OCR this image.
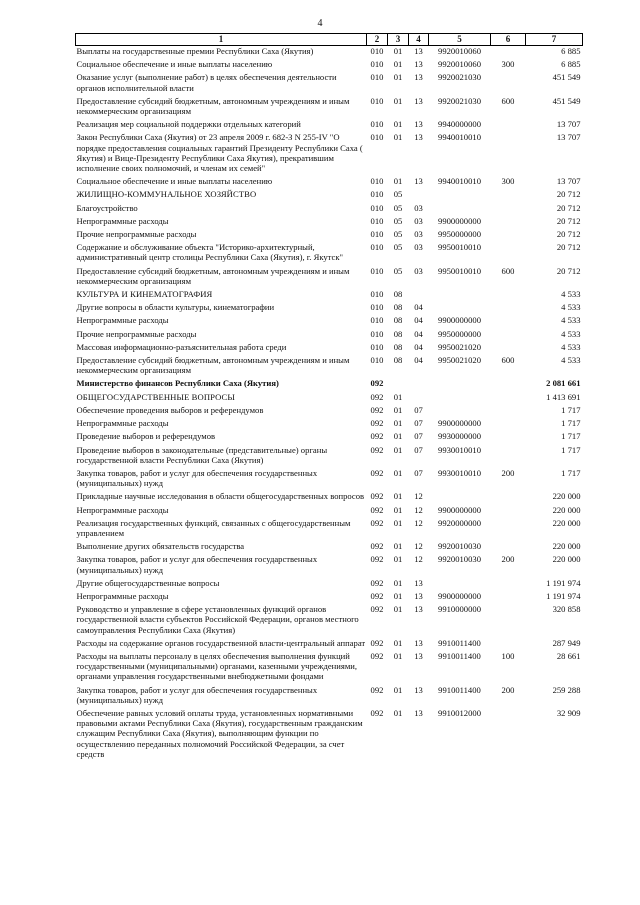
4
1	2	3	4	5	6	7
Выплаты на государственные премии Республики Саха (Якутия)	010	01	13	9920010060		6 885
Социальное обеспечение и иные выплаты населению	010	01	13	9920010060	300	6 885
Оказание услуг (выполнение работ) в целях обеспечения деятельности органов исполнительной власти	010	01	13	9920021030		451 549
Предоставление субсидий бюджетным, автономным учреждениям и иным некоммерческим организациям	010	01	13	9920021030	600	451 549
Реализация мер социальной поддержки отдельных категорий	010	01	13	9940000000		13 707
Закон Республики Саха (Якутия) от 23 апреля 2009 г. 682-З N 255-IV "О порядке предоставления социальных гарантий Президенту Республики Саха ( Якутия) и Вице-Президенту Республики Саха Якутия), прекратившим исполнение своих полномочий, и членам их семей"	010	01	13	9940010010		13 707
Социальное обеспечение и иные выплаты населению	010	01	13	9940010010	300	13 707
ЖИЛИЩНО-КОММУНАЛЬНОЕ ХОЗЯЙСТВО	010	05				20 712
Благоустройство	010	05	03			20 712
Непрограммные расходы	010	05	03	9900000000		20 712
Прочие непрограммные расходы	010	05	03	9950000000		20 712
Содержание и обслуживание объекта "Историко-архитектурный, административный центр столицы Республики Саха (Якутия), г. Якутск"	010	05	03	9950010010		20 712
Предоставление субсидий бюджетным, автономным учреждениям и иным некоммерческим организациям	010	05	03	9950010010	600	20 712
КУЛЬТУРА И КИНЕМАТОГРАФИЯ	010	08				4 533
Другие вопросы в области культуры, кинематографии	010	08	04			4 533
Непрограммные расходы	010	08	04	9900000000		4 533
Прочие непрограммные расходы	010	08	04	9950000000		4 533
Массовая информационно-разъяснительная работа среди	010	08	04	9950021020		4 533
Предоставление субсидий бюджетным, автономным учреждениям и иным некоммерческим организациям	010	08	04	9950021020	600	4 533
Министерство финансов Республики Саха (Якутия)	092					2 081 661
ОБЩЕГОСУДАРСТВЕННЫЕ ВОПРОСЫ	092	01				1 413 691
Обеспечение проведения выборов и референдумов	092	01	07			1 717
Непрограммные расходы	092	01	07	9900000000		1 717
Проведение выборов и референдумов	092	01	07	9930000000		1 717
Проведение выборов в законодательные (представительные) органы государственной власти Республики Саха (Якутия)	092	01	07	9930010010		1 717
Закупка товаров, работ и услуг для обеспечения государственных (муниципальных) нужд	092	01	07	9930010010	200	1 717
Прикладные научные исследования в области общегосударственных вопросов	092	01	12			220 000
Непрограммные расходы	092	01	12	9900000000		220 000
Реализация государственных функций, связанных с общегосударственным управлением	092	01	12	9920000000		220 000
Выполнение других обязательств государства	092	01	12	9920010030		220 000
Закупка товаров, работ и услуг для обеспечения государственных (муниципальных) нужд	092	01	12	9920010030	200	220 000
Другие общегосударственные вопросы	092	01	13			1 191 974
Непрограммные расходы	092	01	13	9900000000		1 191 974
Руководство и управление в сфере установленных функций органов государственной власти субъектов Российской Федерации, органов местного самоуправления Республики Саха (Якутия)	092	01	13	9910000000		320 858
Расходы на содержание органов государственной власти-центральный аппарат	092	01	13	9910011400		287 949
Расходы на выплаты персоналу в целях обеспечения выполнения функций государственными (муниципальными) органами, казенными учреждениями, органами управления государственными внебюджетными фондами	092	01	13	9910011400	100	28 661
Закупка товаров, работ и услуг для обеспечения государственных (муниципальных) нужд	092	01	13	9910011400	200	259 288
Обеспечение равных условий оплаты труда, установленных нормативными правовыми актами Республики Саха (Якутия), государственным гражданским служащим Республики Саха (Якутия), выполняющим функции по осуществлению переданных полномочий Российской Федерации, за счет средств	092	01	13	9910012000		32 909
